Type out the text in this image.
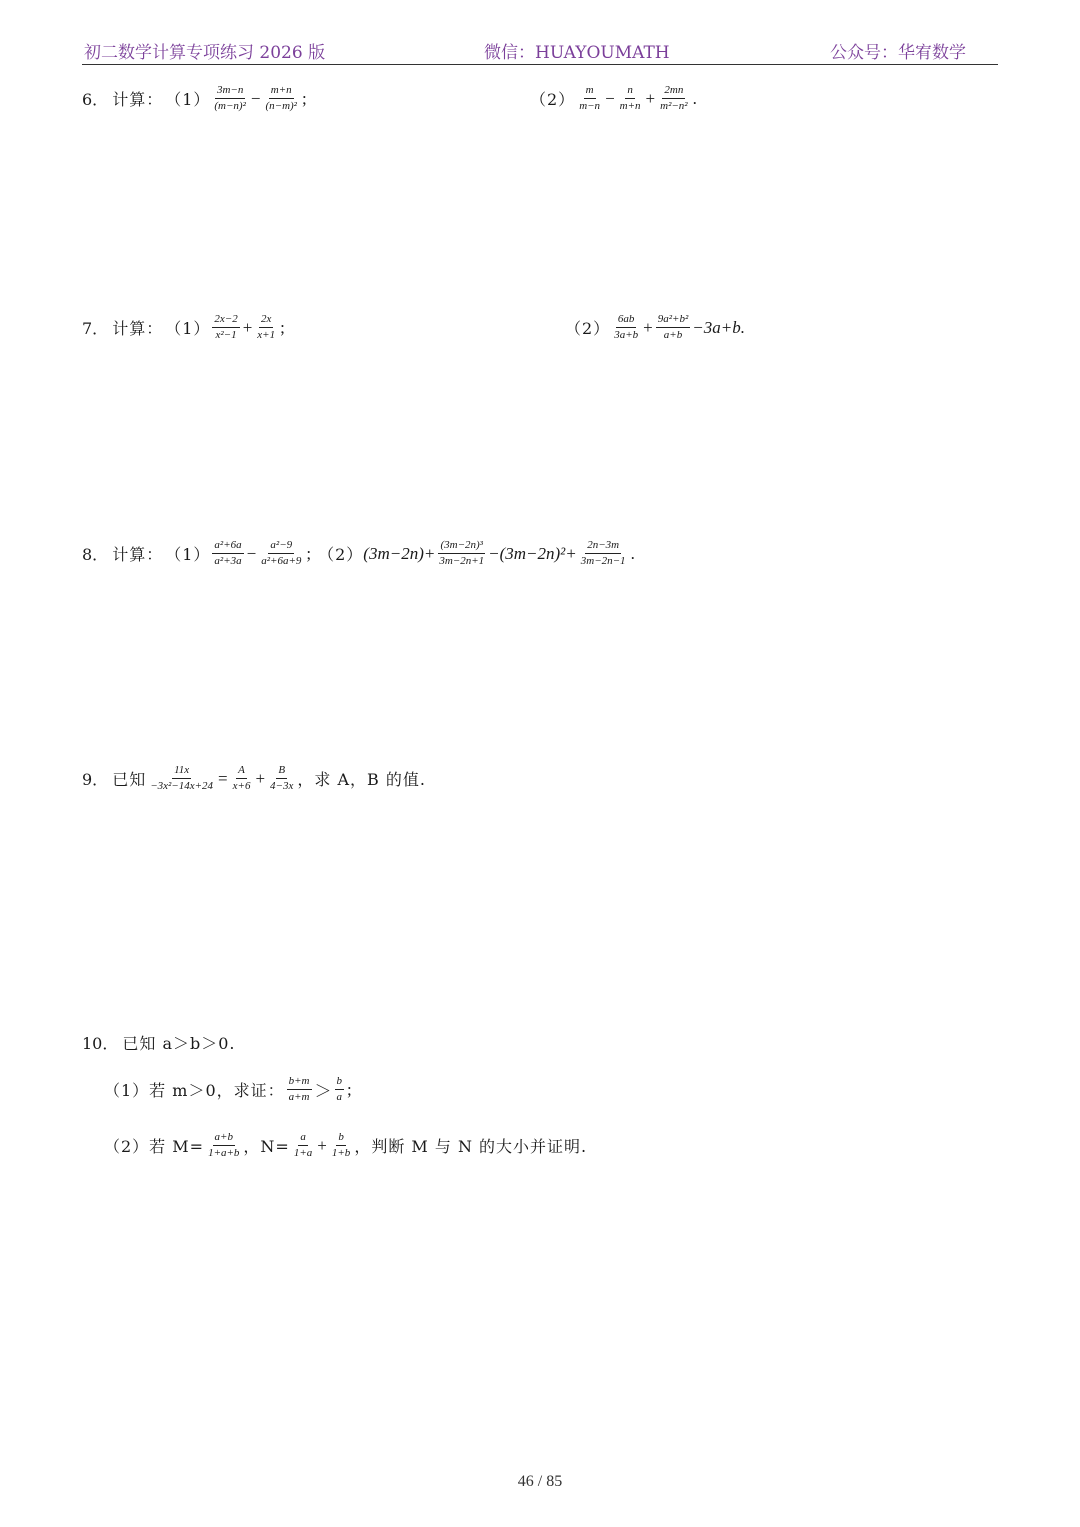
初二数学计算专项练习 2026 版	微信：HUAYOUMATH	公众号：华宥数学
6． 计算： $(1) \frac{3m-n}{\text{(m−n)²}} - \frac{m+n}{\text{(n−m)²}}$ ;	$(2) \frac{m}{m-n} - \frac{n}{m+n} + \frac{2mn}{\text{m²−n²}}$ .
7． 计算： $(1) \frac{2x-2}{\text{x²−1}} + \frac{2x}{x+1}$ ;	$(2) \frac{6ab}{3a+b} + \frac{\text{9a²+b²}}{a+b} -3a+b$.
8． 计算： $(1) \frac{\text{a²+6a}}{\text{a²+3a}} - \frac{\text{a²−9}}{\text{a²+6a+9}}$ ; （2） $(3m-2n)+ \frac{\text{(3m−2n)³}}{3m-2n+1} -(3m-2n)^2+ \frac{2n-3m}{3m-2n-1}$ .
9． 已知 $\frac{11x}{\text{−3x²−14x+24}} = \frac{A}{x+6} + \frac{B}{4-3x}$ ，求 A，B 的值.
10． 已知 a＞b＞0.
（1）若 m＞0，求证： $\frac{b+m}{a+m} > \frac{b}{a}$ ;
（2）若 $M= \frac{a+b}{1+a+b}$ ，$N= \frac{a}{1+a} + \frac{b}{1+b}$ ，判断 M 与 N 的大小并证明.
46 / 85
